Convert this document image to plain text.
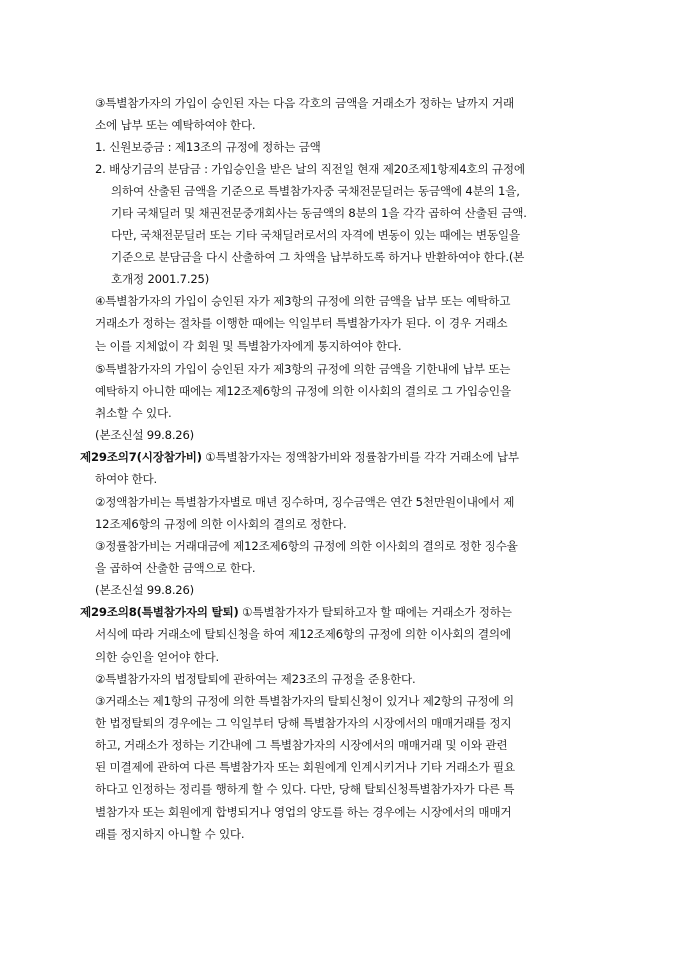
③특별참가자의 가입이 승인된 자는 다음 각호의 금액을 거래소가 정하는 날까지 거래
소에 납부 또는 예탁하여야 한다.
1. 신원보증금 : 제13조의 규정에 정하는 금액
2. 배상기금의 분담금 : 가입승인을 받은 날의 직전일 현재 제20조제1항제4호의 규정에
의하여 산출된 금액을 기준으로 특별참가자중 국채전문딜러는 동금액에 4분의 1을,
기타 국채딜러 및 채권전문중개회사는 동금액의 8분의 1을 각각 곱하여 산출된 금액.
다만, 국채전문딜러 또는 기타 국채딜러로서의 자격에 변동이 있는 때에는 변동일을
기준으로 분담금을 다시 산출하여 그 차액을 납부하도록 하거나 반환하여야 한다.(본
호개정 2001.7.25)
④특별참가자의 가입이 승인된 자가 제3항의 규정에 의한 금액을 납부 또는 예탁하고
거래소가 정하는 절차를 이행한 때에는 익일부터 특별참가자가 된다. 이 경우 거래소
는 이를 지체없이 각 회원 및 특별참가자에게 통지하여야 한다.
⑤특별참가자의 가입이 승인된 자가 제3항의 규정에 의한 금액을 기한내에 납부 또는
예탁하지 아니한 때에는 제12조제6항의 규정에 의한 이사회의 결의로 그 가입승인을
취소할 수 있다.
(본조신설 99.8.26)
제29조의7(시장참가비) ①특별참가자는 정액참가비와 정률참가비를 각각 거래소에 납부
하여야 한다.
②정액참가비는 특별참가자별로 매년 징수하며, 징수금액은 연간 5천만원이내에서 제
12조제6항의 규정에 의한 이사회의 결의로 정한다.
③정률참가비는 거래대금에 제12조제6항의 규정에 의한 이사회의 결의로 정한 징수율
을 곱하여 산출한 금액으로 한다.
(본조신설 99.8.26)
제29조의8(특별참가자의 탈퇴) ①특별참가자가 탈퇴하고자 할 때에는 거래소가 정하는
서식에 따라 거래소에 탈퇴신청을 하여 제12조제6항의 규정에 의한 이사회의 결의에
의한 승인을 얻어야 한다.
②특별참가자의 법정탈퇴에 관하여는 제23조의 규정을 준용한다.
③거래소는 제1항의 규정에 의한 특별참가자의 탈퇴신청이 있거나 제2항의 규정에 의
한 법정탈퇴의 경우에는 그 익일부터 당해 특별참가자의 시장에서의 매매거래를 정지
하고, 거래소가 정하는 기간내에 그 특별참가자의 시장에서의 매매거래 및 이와 관련
된 미결제에 관하여 다른 특별참가자 또는 회원에게 인계시키거나 기타 거래소가 필요
하다고 인정하는 정리를 행하게 할 수 있다. 다만, 당해 탈퇴신청특별참가자가 다른 특
별참가자 또는 회원에게 합병되거나 영업의 양도를 하는 경우에는 시장에서의 매매거
래를 정지하지 아니할 수 있다.
